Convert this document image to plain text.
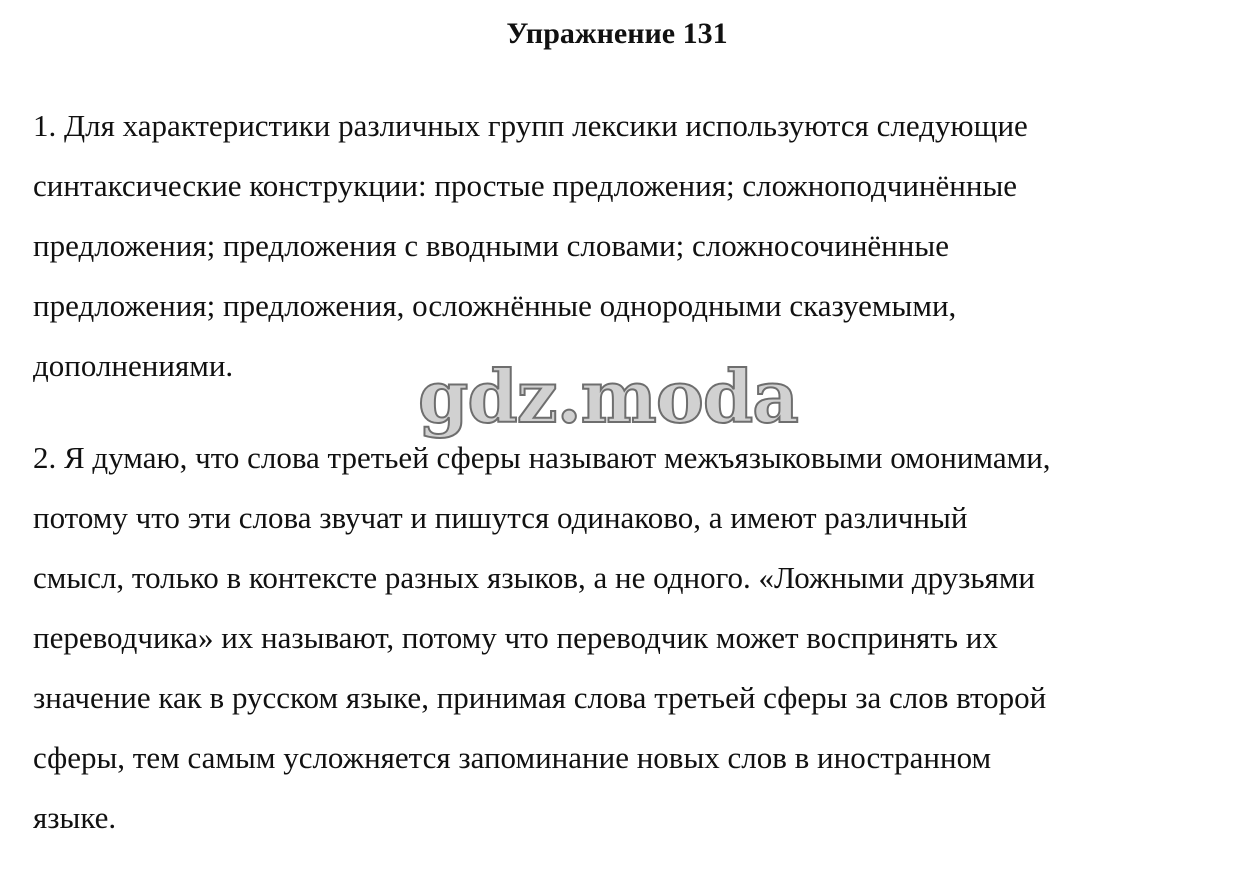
Упражнение 131

1. Для характеристики различных групп лексики используются следующие
синтаксические конструкции: простые предложения; сложноподчинённые
предложения; предложения с вводными словами; сложносочинённые
предложения; предложения, осложнённые однородными сказуемыми,
дополнениями.

2. Я думаю, что слова третьей сферы называют межъязыковыми омонимами,
потому что эти слова звучат и пишутся одинаково, а имеют различный
смысл, только в контексте разных языков, а не одного. «Ложными друзьями
переводчика» их называют, потому что переводчик может воспринять их
значение как в русском языке, принимая слова третьей сферы за слов второй
сферы, тем самым усложняется запоминание новых слов в иностранном
языке.

gdz.moda
